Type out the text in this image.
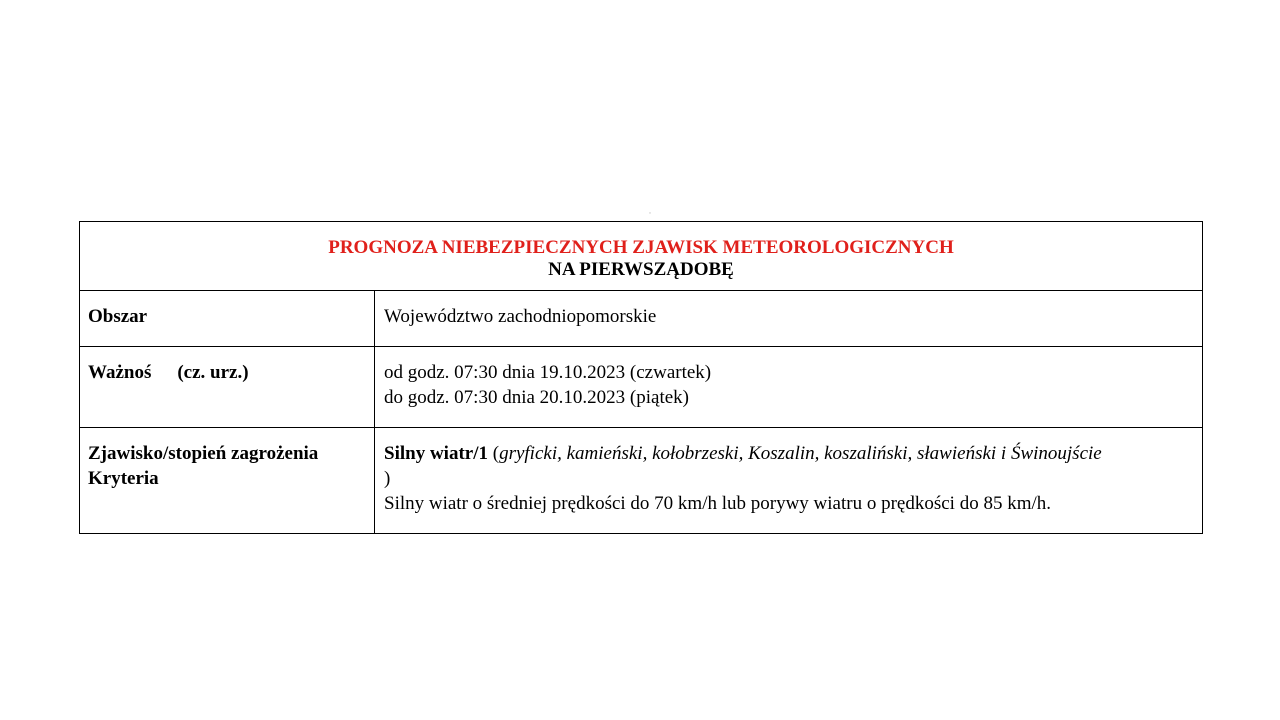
ˆ
PROGNOZA NIEBEZPIECZNYCH ZJAWISK METEOROLOGICZNYCH
NA PIERWSZĄDOBĘ	

Obszar	Województwo zachodniopomorskie
Ważnoś (cz. urz.)	od godz. 07:30 dnia 19.10.2023 (czwartek)
do godz. 07:30 dnia 20.10.2023 (piątek)

Zjawisko/stopień zagrożenia
Kryteria	Silny wiatr/1 (gryficki, kamieński, kołobrzeski, Koszalin, koszaliński, sławieński i Świnoujście
)
Silny wiatr o średniej prędkości do 70 km/h lub porywy wiatru o prędkości do 85 km/h.
